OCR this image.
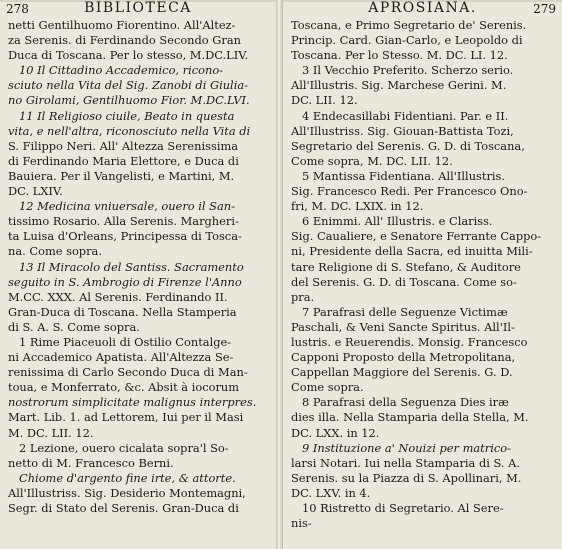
278	BIBLIOTECA

netti Gentilhuomo Fiorentino. All'Altez-

za Serenis. di Ferdinando Secondo Gran

Duca di Toscana. Per lo stesso, M.DC.LIV.

10 Il Cittadino Accademico, ricono-

sciuto nella Vita del Sig. Zanobi di Giulia-

no Girolami, Gentilhuomo Fior. M.DC.LVI.

11 Il Religioso ciuile, Beato in questa

vita, e nell'altra, riconosciuto nella Vita di

S. Filippo Neri. All' Altezza Serenissima

di Ferdinando Maria Elettore, e Duca di

Bauiera. Per il Vangelisti, e Martini, M.

DC. LXIV.

12 Medicina vniuersale, ouero il San-

tissimo Rosario. Alla Serenis. Margheri-

ta Luisa d'Orleans, Principessa di Tosca-

na. Come sopra.

13 Il Miracolo del Santiss. Sacramento

seguito in S. Ambrogio di Firenze l'Anno

M.CC. XXX. Al Serenis. Ferdinando II.

Gran-Duca di Toscana. Nella Stamperia

di S. A. S. Come sopra.

1 Rime Piaceuoli di Ostilio Contalge-

ni Accademico Apatista. All'Altezza Se-

renissima di Carlo Secondo Duca di Man-

toua, e Monferrato, &c. Absit à iocorum

nostrorum simplicitate malignus interpres.

Mart. Lib. 1. ad Lettorem, Iui per il Masi

M. DC. LII. 12.

2 Lezione, ouero cicalata sopra'l So-

netto di M. Francesco Berni.

Chiome d'argento fine irte, & attorte.

All'Illustriss. Sig. Desiderio Montemagni,

Segr. di Stato del Serenis. Gran-Duca di

APROSIANA.	279

Toscana, e Primo Segretario de' Serenis.

Princip. Card. Gian-Carlo, e Leopoldo di

Toscana. Per lo Stesso. M. DC. LI. 12.

3 Il Vecchio Preferito. Scherzo serio.

All'Illustris. Sig. Marchese Gerini. M.

DC. LII. 12.

4 Endecasillabi Fidentiani. Par. e II.

All'Illustriss. Sig. Giouan-Battista Tozi,

Segretario del Serenis. G. D. di Toscana,

Come sopra, M. DC. LII. 12.

5 Mantissa Fidentiana. All'Illustris.

Sig. Francesco Redi. Per Francesco Ono-

fri, M. DC. LXIX. in 12.

6 Enimmi. All' Illustris. e Clariss.

Sig. Caualiere, e Senatore Ferrante Cappo-

ni, Presidente della Sacra, ed inuitta Mili-

tare Religione di S. Stefano, & Auditore

del Serenis. G. D. di Toscana. Come so-

pra.

7 Parafrasi delle Seguenze Victimæ

Paschali, & Veni Sancte Spiritus. All'Il-

lustris. e Reuerendis. Monsig. Francesco

Capponi Proposto della Metropolitana,

Cappellan Maggiore del Serenis. G. D.

Come sopra.

8 Parafrasi della Seguenza Dies iræ

dies illa. Nella Stamparia della Stella, M.

DC. LXX. in 12.

9 Instituzione a' Nouizi per matrico-

larsi Notari. Iui nella Stamparia di S. A.

Serenis. su la Piazza di S. Apollinari, M.

DC. LXV. in 4.

10 Ristretto di Segretario. Al Sere-

nis-
